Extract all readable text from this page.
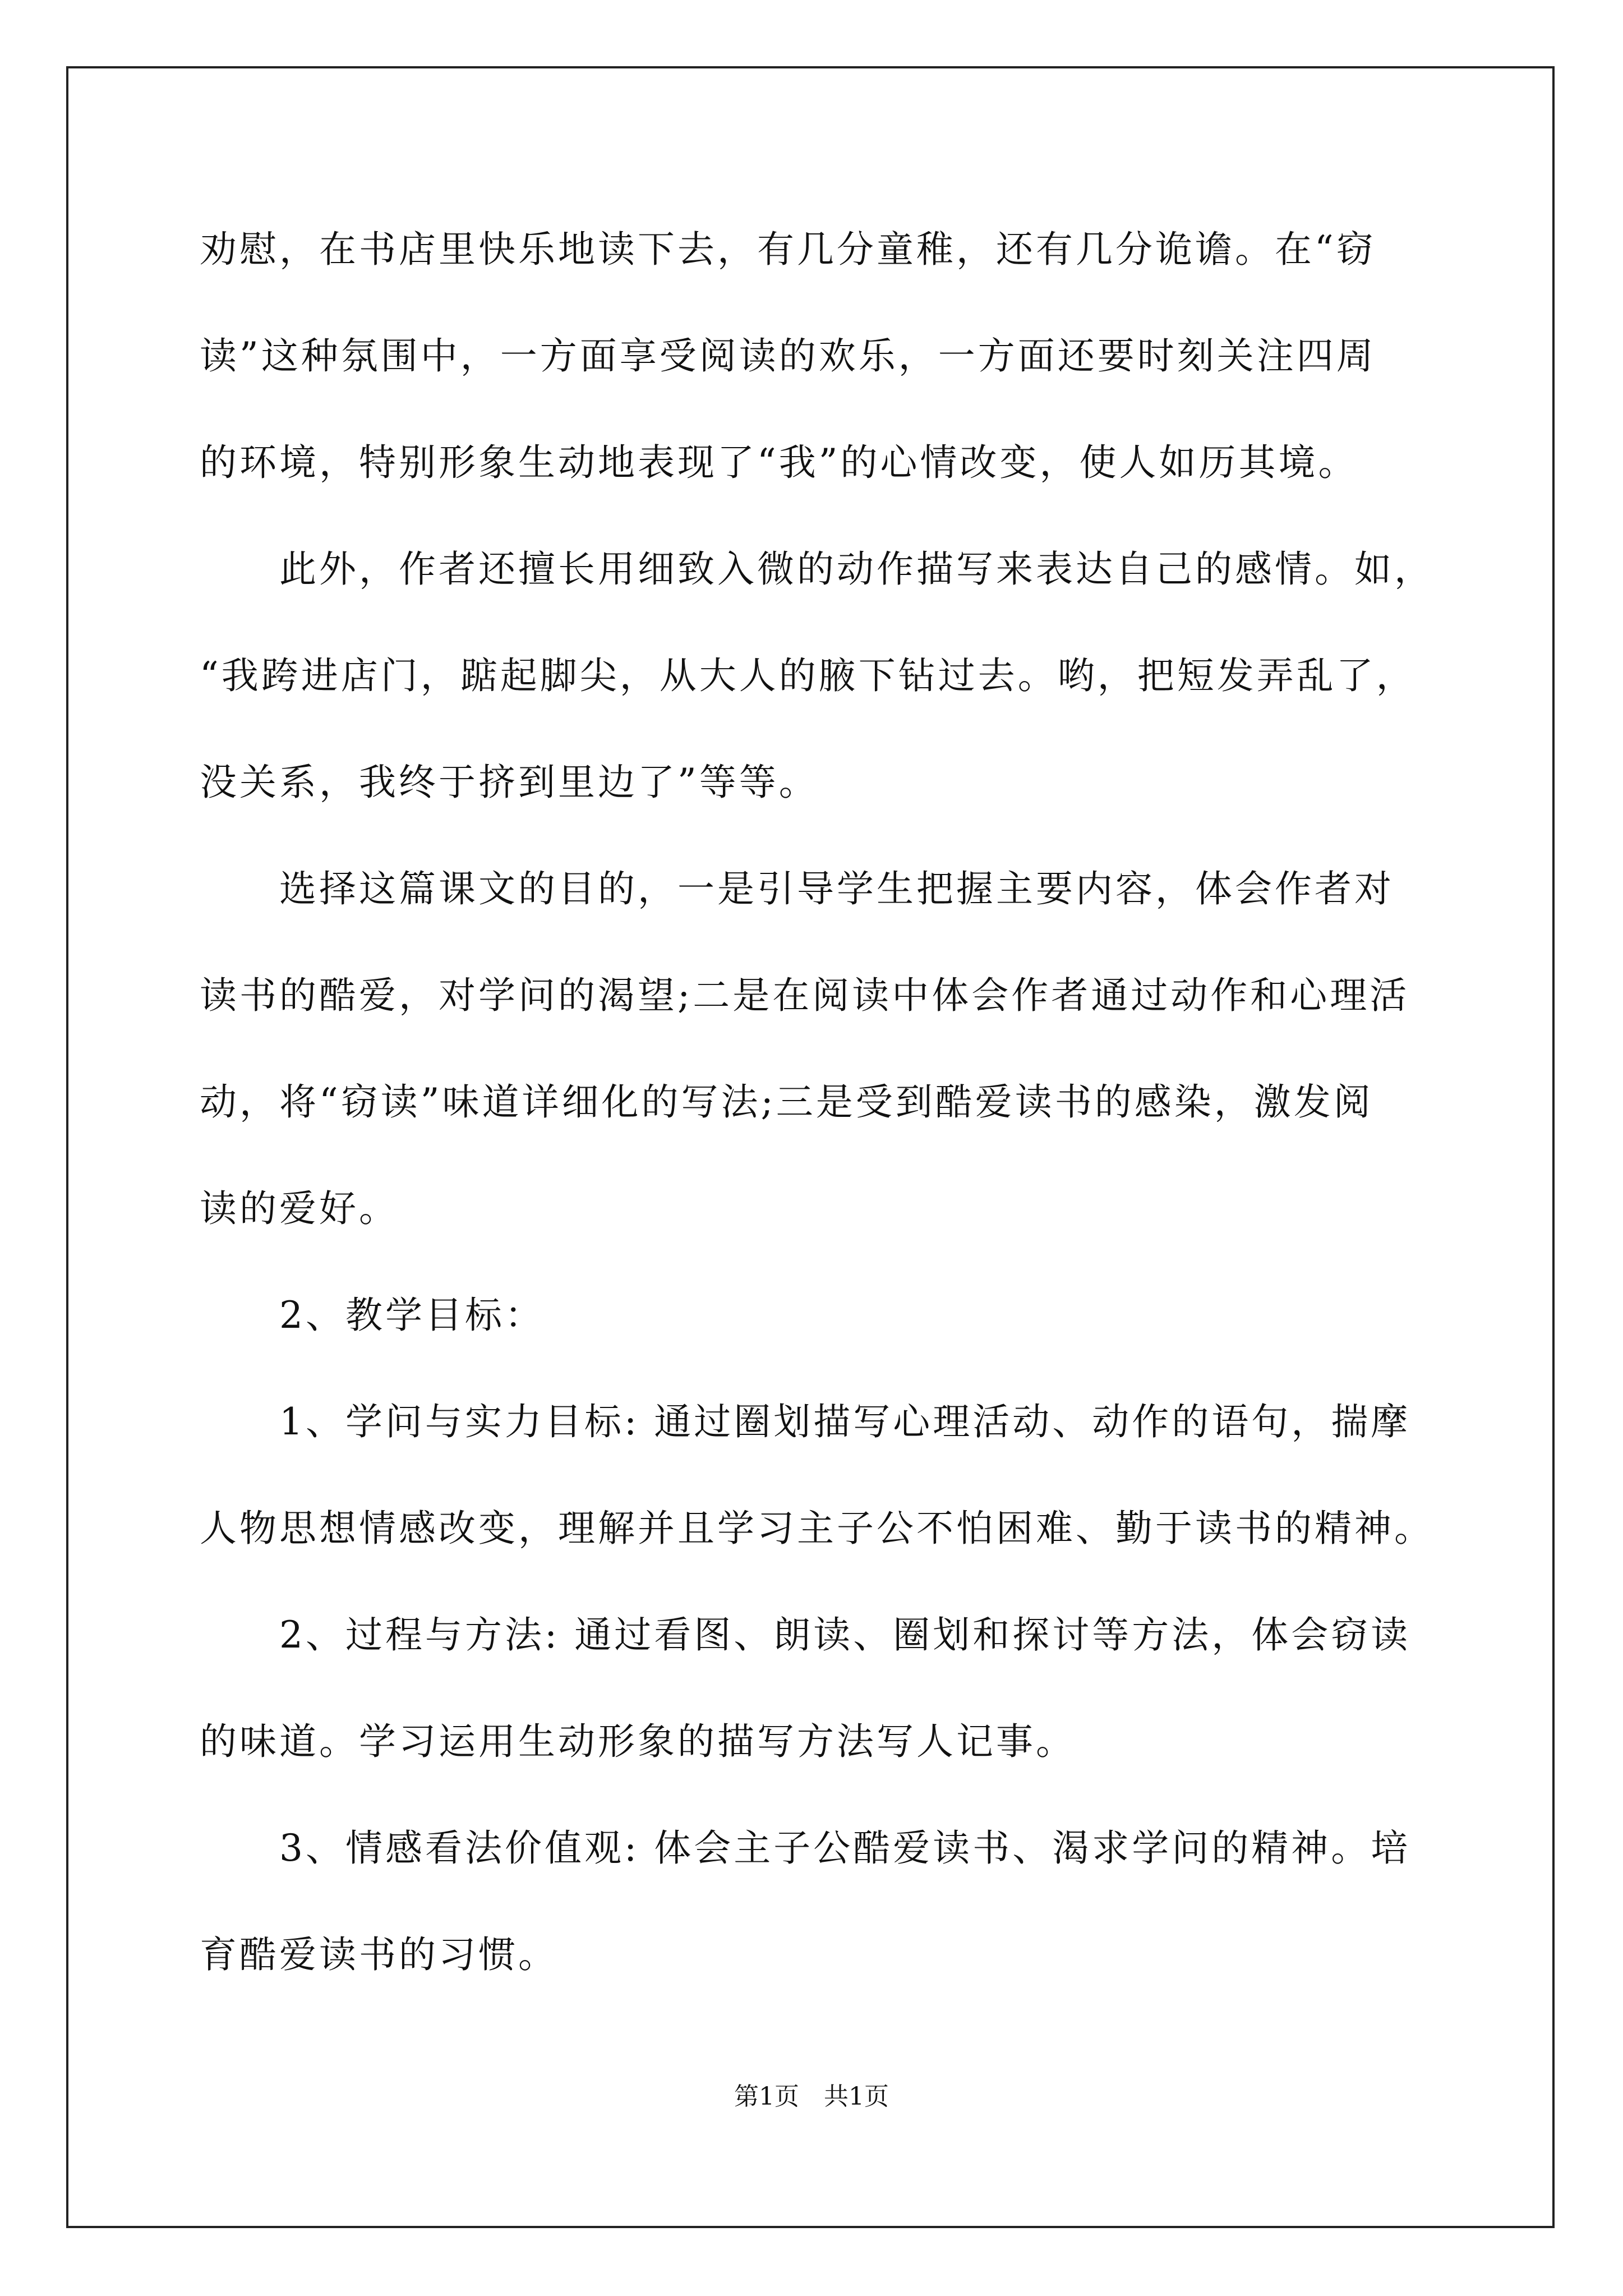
劝慰，在书店里快乐地读下去，有几分童稚，还有几分诡谵。在“窃
读”这种氛围中，一方面享受阅读的欢乐，一方面还要时刻关注四周
的环境，特别形象生动地表现了“我”的心情改变，使人如历其境。
　　此外，作者还擅长用细致入微的动作描写来表达自己的感情。如，
“我跨进店门，踮起脚尖，从大人的腋下钻过去。哟，把短发弄乱了，
没关系，我终于挤到里边了”等等。
　　选择这篇课文的目的，一是引导学生把握主要内容，体会作者对
读书的酷爱，对学问的渴望;二是在阅读中体会作者通过动作和心理活
动，将“窃读”味道详细化的写法;三是受到酷爱读书的感染，激发阅
读的爱好。
　　2、教学目标：
　　1、学问与实力目标: 通过圈划描写心理活动、动作的语句，揣摩
人物思想情感改变，理解并且学习主子公不怕困难、勤于读书的精神。
　　2、过程与方法: 通过看图、朗读、圈划和探讨等方法，体会窃读
的味道。学习运用生动形象的描写方法写人记事。
　　3、情感看法价值观: 体会主子公酷爱读书、渴求学问的精神。培
育酷爱读书的习惯。
第1页　共1页
